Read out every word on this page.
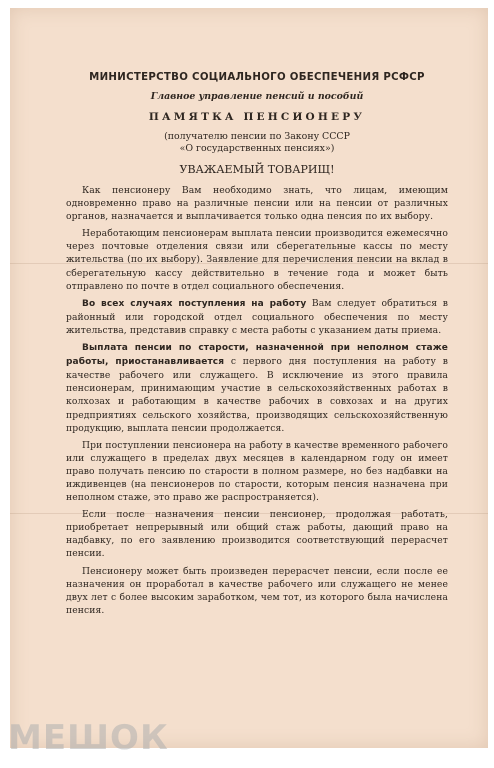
МИНИСТЕРСТВО СОЦИАЛЬНОГО ОБЕСПЕЧЕНИЯ РСФСР
Главное управление пенсий и пособий
ПАМЯТКА ПЕНСИОНЕРУ
(получателю пенсии по Закону СССР
«О государственных пенсиях»)
УВАЖАЕМЫЙ ТОВАРИЩ!

Как пенсионеру Вам необходимо знать, что лицам, имеющим одновременно право на различные пенсии или на пенсии от различных органов, назначается и выплачивается только одна пенсия по их выбору.

Неработающим пенсионерам выплата пенсии производится ежемесячно через почтовые отделения связи или сберегательные кассы по месту жительства (по их выбору). Заявление для перечисления пенсии на вклад в сберегательную кассу действительно в течение года и может быть отправлено по почте в отдел социального обеспечения.

Во всех случаях поступления на работу Вам следует обратиться в районный или городской отдел социального обеспечения по месту жительства, представив справку с места работы с указанием даты приема.

Выплата пенсии по старости, назначенной при неполном стаже работы, приостанавливается с первого дня поступления на работу в качестве рабочего или служащего. В исключение из этого правила пенсионерам, принимающим участие в сельскохозяйственных работах в колхозах и работающим в качестве рабочих в совхозах и на других предприятиях сельского хозяйства, производящих сельскохозяйственную продукцию, выплата пенсии продолжается.

При поступлении пенсионера на работу в качестве временного рабочего или служащего в пределах двух месяцев в календарном году он имеет право получать пенсию по старости в полном размере, но без надбавки на иждивенцев (на пенсионеров по старости, которым пенсия назначена при неполном стаже, это право же распространяется).

Если после назначения пенсии пенсионер, продолжая работать, приобретает непрерывный или общий стаж работы, дающий право на надбавку, по его заявлению производится соответствующий перерасчет пенсии.

Пенсионеру может быть произведен перерасчет пенсии, если после ее назначения он проработал в качестве рабочего или служащего не менее двух лет с более высоким заработком, чем тот, из которого была начислена пенсия.

МЕШОК
